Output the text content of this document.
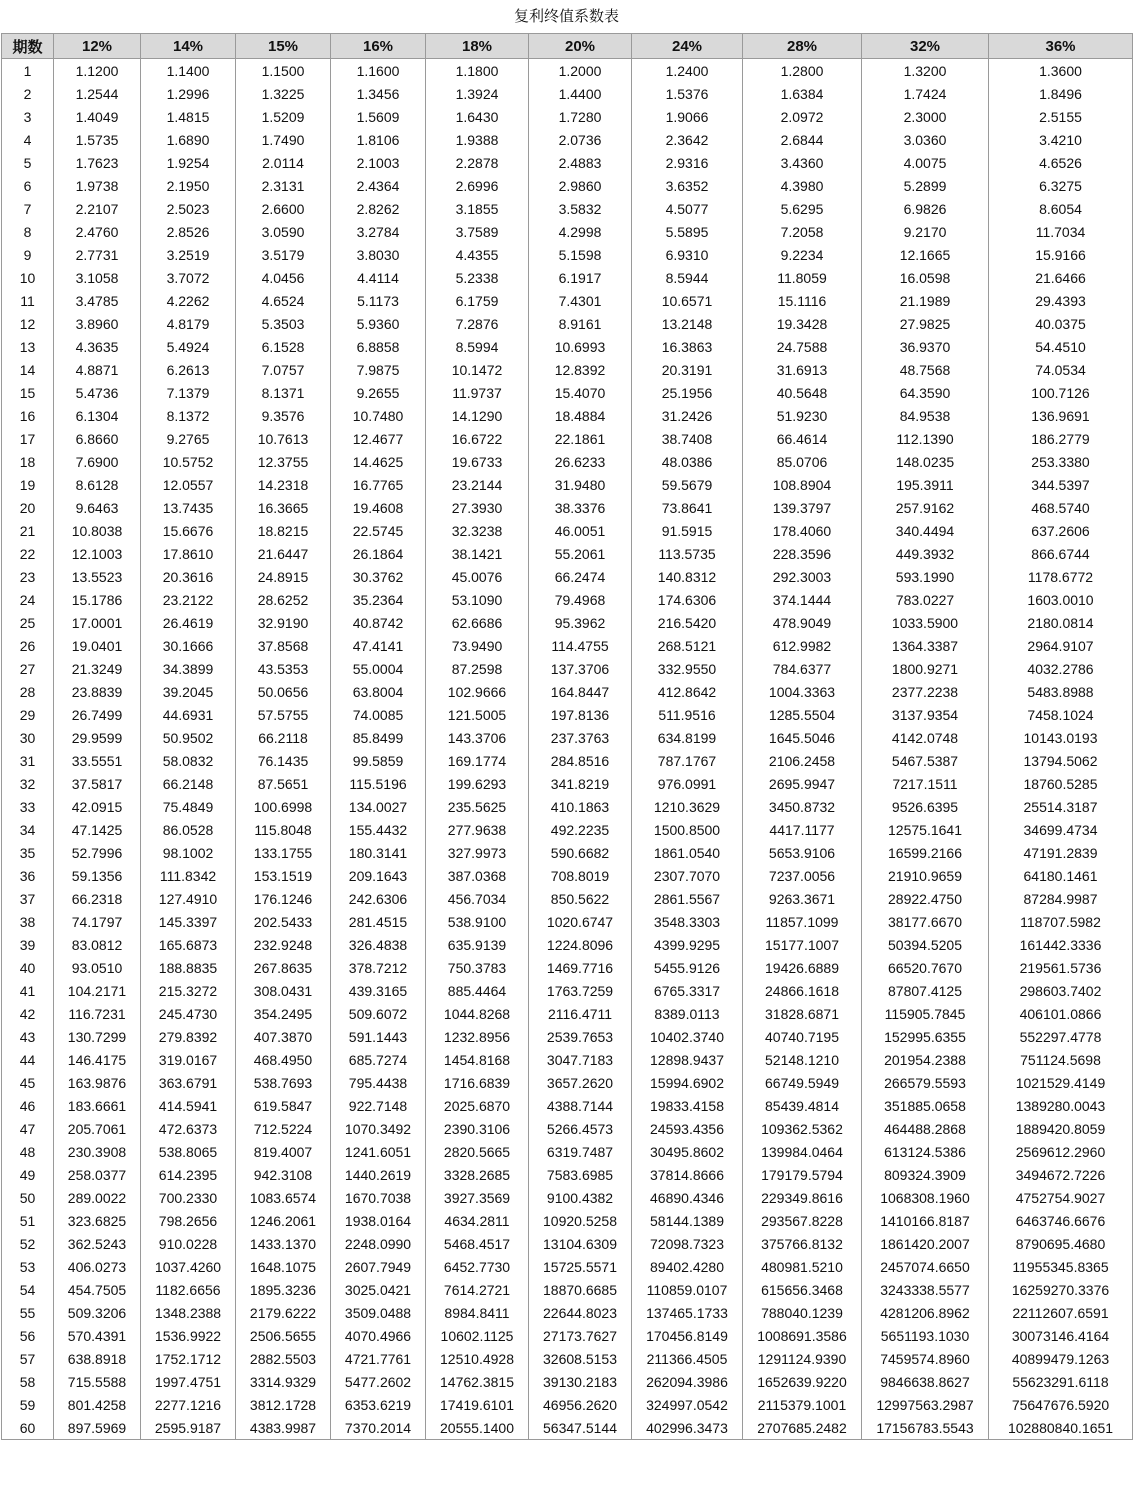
复利终值系数表
期数	12%	14%	15%	16%	18%	20%	24%	28%	32%	36%
1	1.1200	1.1400	1.1500	1.1600	1.1800	1.2000	1.2400	1.2800	1.3200	1.3600
2	1.2544	1.2996	1.3225	1.3456	1.3924	1.4400	1.5376	1.6384	1.7424	1.8496
3	1.4049	1.4815	1.5209	1.5609	1.6430	1.7280	1.9066	2.0972	2.3000	2.5155
4	1.5735	1.6890	1.7490	1.8106	1.9388	2.0736	2.3642	2.6844	3.0360	3.4210
5	1.7623	1.9254	2.0114	2.1003	2.2878	2.4883	2.9316	3.4360	4.0075	4.6526
6	1.9738	2.1950	2.3131	2.4364	2.6996	2.9860	3.6352	4.3980	5.2899	6.3275
7	2.2107	2.5023	2.6600	2.8262	3.1855	3.5832	4.5077	5.6295	6.9826	8.6054
8	2.4760	2.8526	3.0590	3.2784	3.7589	4.2998	5.5895	7.2058	9.2170	11.7034
9	2.7731	3.2519	3.5179	3.8030	4.4355	5.1598	6.9310	9.2234	12.1665	15.9166
10	3.1058	3.7072	4.0456	4.4114	5.2338	6.1917	8.5944	11.8059	16.0598	21.6466
11	3.4785	4.2262	4.6524	5.1173	6.1759	7.4301	10.6571	15.1116	21.1989	29.4393
12	3.8960	4.8179	5.3503	5.9360	7.2876	8.9161	13.2148	19.3428	27.9825	40.0375
13	4.3635	5.4924	6.1528	6.8858	8.5994	10.6993	16.3863	24.7588	36.9370	54.4510
14	4.8871	6.2613	7.0757	7.9875	10.1472	12.8392	20.3191	31.6913	48.7568	74.0534
15	5.4736	7.1379	8.1371	9.2655	11.9737	15.4070	25.1956	40.5648	64.3590	100.7126
16	6.1304	8.1372	9.3576	10.7480	14.1290	18.4884	31.2426	51.9230	84.9538	136.9691
17	6.8660	9.2765	10.7613	12.4677	16.6722	22.1861	38.7408	66.4614	112.1390	186.2779
18	7.6900	10.5752	12.3755	14.4625	19.6733	26.6233	48.0386	85.0706	148.0235	253.3380
19	8.6128	12.0557	14.2318	16.7765	23.2144	31.9480	59.5679	108.8904	195.3911	344.5397
20	9.6463	13.7435	16.3665	19.4608	27.3930	38.3376	73.8641	139.3797	257.9162	468.5740
21	10.8038	15.6676	18.8215	22.5745	32.3238	46.0051	91.5915	178.4060	340.4494	637.2606
22	12.1003	17.8610	21.6447	26.1864	38.1421	55.2061	113.5735	228.3596	449.3932	866.6744
23	13.5523	20.3616	24.8915	30.3762	45.0076	66.2474	140.8312	292.3003	593.1990	1178.6772
24	15.1786	23.2122	28.6252	35.2364	53.1090	79.4968	174.6306	374.1444	783.0227	1603.0010
25	17.0001	26.4619	32.9190	40.8742	62.6686	95.3962	216.5420	478.9049	1033.5900	2180.0814
26	19.0401	30.1666	37.8568	47.4141	73.9490	114.4755	268.5121	612.9982	1364.3387	2964.9107
27	21.3249	34.3899	43.5353	55.0004	87.2598	137.3706	332.9550	784.6377	1800.9271	4032.2786
28	23.8839	39.2045	50.0656	63.8004	102.9666	164.8447	412.8642	1004.3363	2377.2238	5483.8988
29	26.7499	44.6931	57.5755	74.0085	121.5005	197.8136	511.9516	1285.5504	3137.9354	7458.1024
30	29.9599	50.9502	66.2118	85.8499	143.3706	237.3763	634.8199	1645.5046	4142.0748	10143.0193
31	33.5551	58.0832	76.1435	99.5859	169.1774	284.8516	787.1767	2106.2458	5467.5387	13794.5062
32	37.5817	66.2148	87.5651	115.5196	199.6293	341.8219	976.0991	2695.9947	7217.1511	18760.5285
33	42.0915	75.4849	100.6998	134.0027	235.5625	410.1863	1210.3629	3450.8732	9526.6395	25514.3187
34	47.1425	86.0528	115.8048	155.4432	277.9638	492.2235	1500.8500	4417.1177	12575.1641	34699.4734
35	52.7996	98.1002	133.1755	180.3141	327.9973	590.6682	1861.0540	5653.9106	16599.2166	47191.2839
36	59.1356	111.8342	153.1519	209.1643	387.0368	708.8019	2307.7070	7237.0056	21910.9659	64180.1461
37	66.2318	127.4910	176.1246	242.6306	456.7034	850.5622	2861.5567	9263.3671	28922.4750	87284.9987
38	74.1797	145.3397	202.5433	281.4515	538.9100	1020.6747	3548.3303	11857.1099	38177.6670	118707.5982
39	83.0812	165.6873	232.9248	326.4838	635.9139	1224.8096	4399.9295	15177.1007	50394.5205	161442.3336
40	93.0510	188.8835	267.8635	378.7212	750.3783	1469.7716	5455.9126	19426.6889	66520.7670	219561.5736
41	104.2171	215.3272	308.0431	439.3165	885.4464	1763.7259	6765.3317	24866.1618	87807.4125	298603.7402
42	116.7231	245.4730	354.2495	509.6072	1044.8268	2116.4711	8389.0113	31828.6871	115905.7845	406101.0866
43	130.7299	279.8392	407.3870	591.1443	1232.8956	2539.7653	10402.3740	40740.7195	152995.6355	552297.4778
44	146.4175	319.0167	468.4950	685.7274	1454.8168	3047.7183	12898.9437	52148.1210	201954.2388	751124.5698
45	163.9876	363.6791	538.7693	795.4438	1716.6839	3657.2620	15994.6902	66749.5949	266579.5593	1021529.4149
46	183.6661	414.5941	619.5847	922.7148	2025.6870	4388.7144	19833.4158	85439.4814	351885.0658	1389280.0043
47	205.7061	472.6373	712.5224	1070.3492	2390.3106	5266.4573	24593.4356	109362.5362	464488.2868	1889420.8059
48	230.3908	538.8065	819.4007	1241.6051	2820.5665	6319.7487	30495.8602	139984.0464	613124.5386	2569612.2960
49	258.0377	614.2395	942.3108	1440.2619	3328.2685	7583.6985	37814.8666	179179.5794	809324.3909	3494672.7226
50	289.0022	700.2330	1083.6574	1670.7038	3927.3569	9100.4382	46890.4346	229349.8616	1068308.1960	4752754.9027
51	323.6825	798.2656	1246.2061	1938.0164	4634.2811	10920.5258	58144.1389	293567.8228	1410166.8187	6463746.6676
52	362.5243	910.0228	1433.1370	2248.0990	5468.4517	13104.6309	72098.7323	375766.8132	1861420.2007	8790695.4680
53	406.0273	1037.4260	1648.1075	2607.7949	6452.7730	15725.5571	89402.4280	480981.5210	2457074.6650	11955345.8365
54	454.7505	1182.6656	1895.3236	3025.0421	7614.2721	18870.6685	110859.0107	615656.3468	3243338.5577	16259270.3376
55	509.3206	1348.2388	2179.6222	3509.0488	8984.8411	22644.8023	137465.1733	788040.1239	4281206.8962	22112607.6591
56	570.4391	1536.9922	2506.5655	4070.4966	10602.1125	27173.7627	170456.8149	1008691.3586	5651193.1030	30073146.4164
57	638.8918	1752.1712	2882.5503	4721.7761	12510.4928	32608.5153	211366.4505	1291124.9390	7459574.8960	40899479.1263
58	715.5588	1997.4751	3314.9329	5477.2602	14762.3815	39130.2183	262094.3986	1652639.9220	9846638.8627	55623291.6118
59	801.4258	2277.1216	3812.1728	6353.6219	17419.6101	46956.2620	324997.0542	2115379.1001	12997563.2987	75647676.5920
60	897.5969	2595.9187	4383.9987	7370.2014	20555.1400	56347.5144	402996.3473	2707685.2482	17156783.5543	102880840.1651
